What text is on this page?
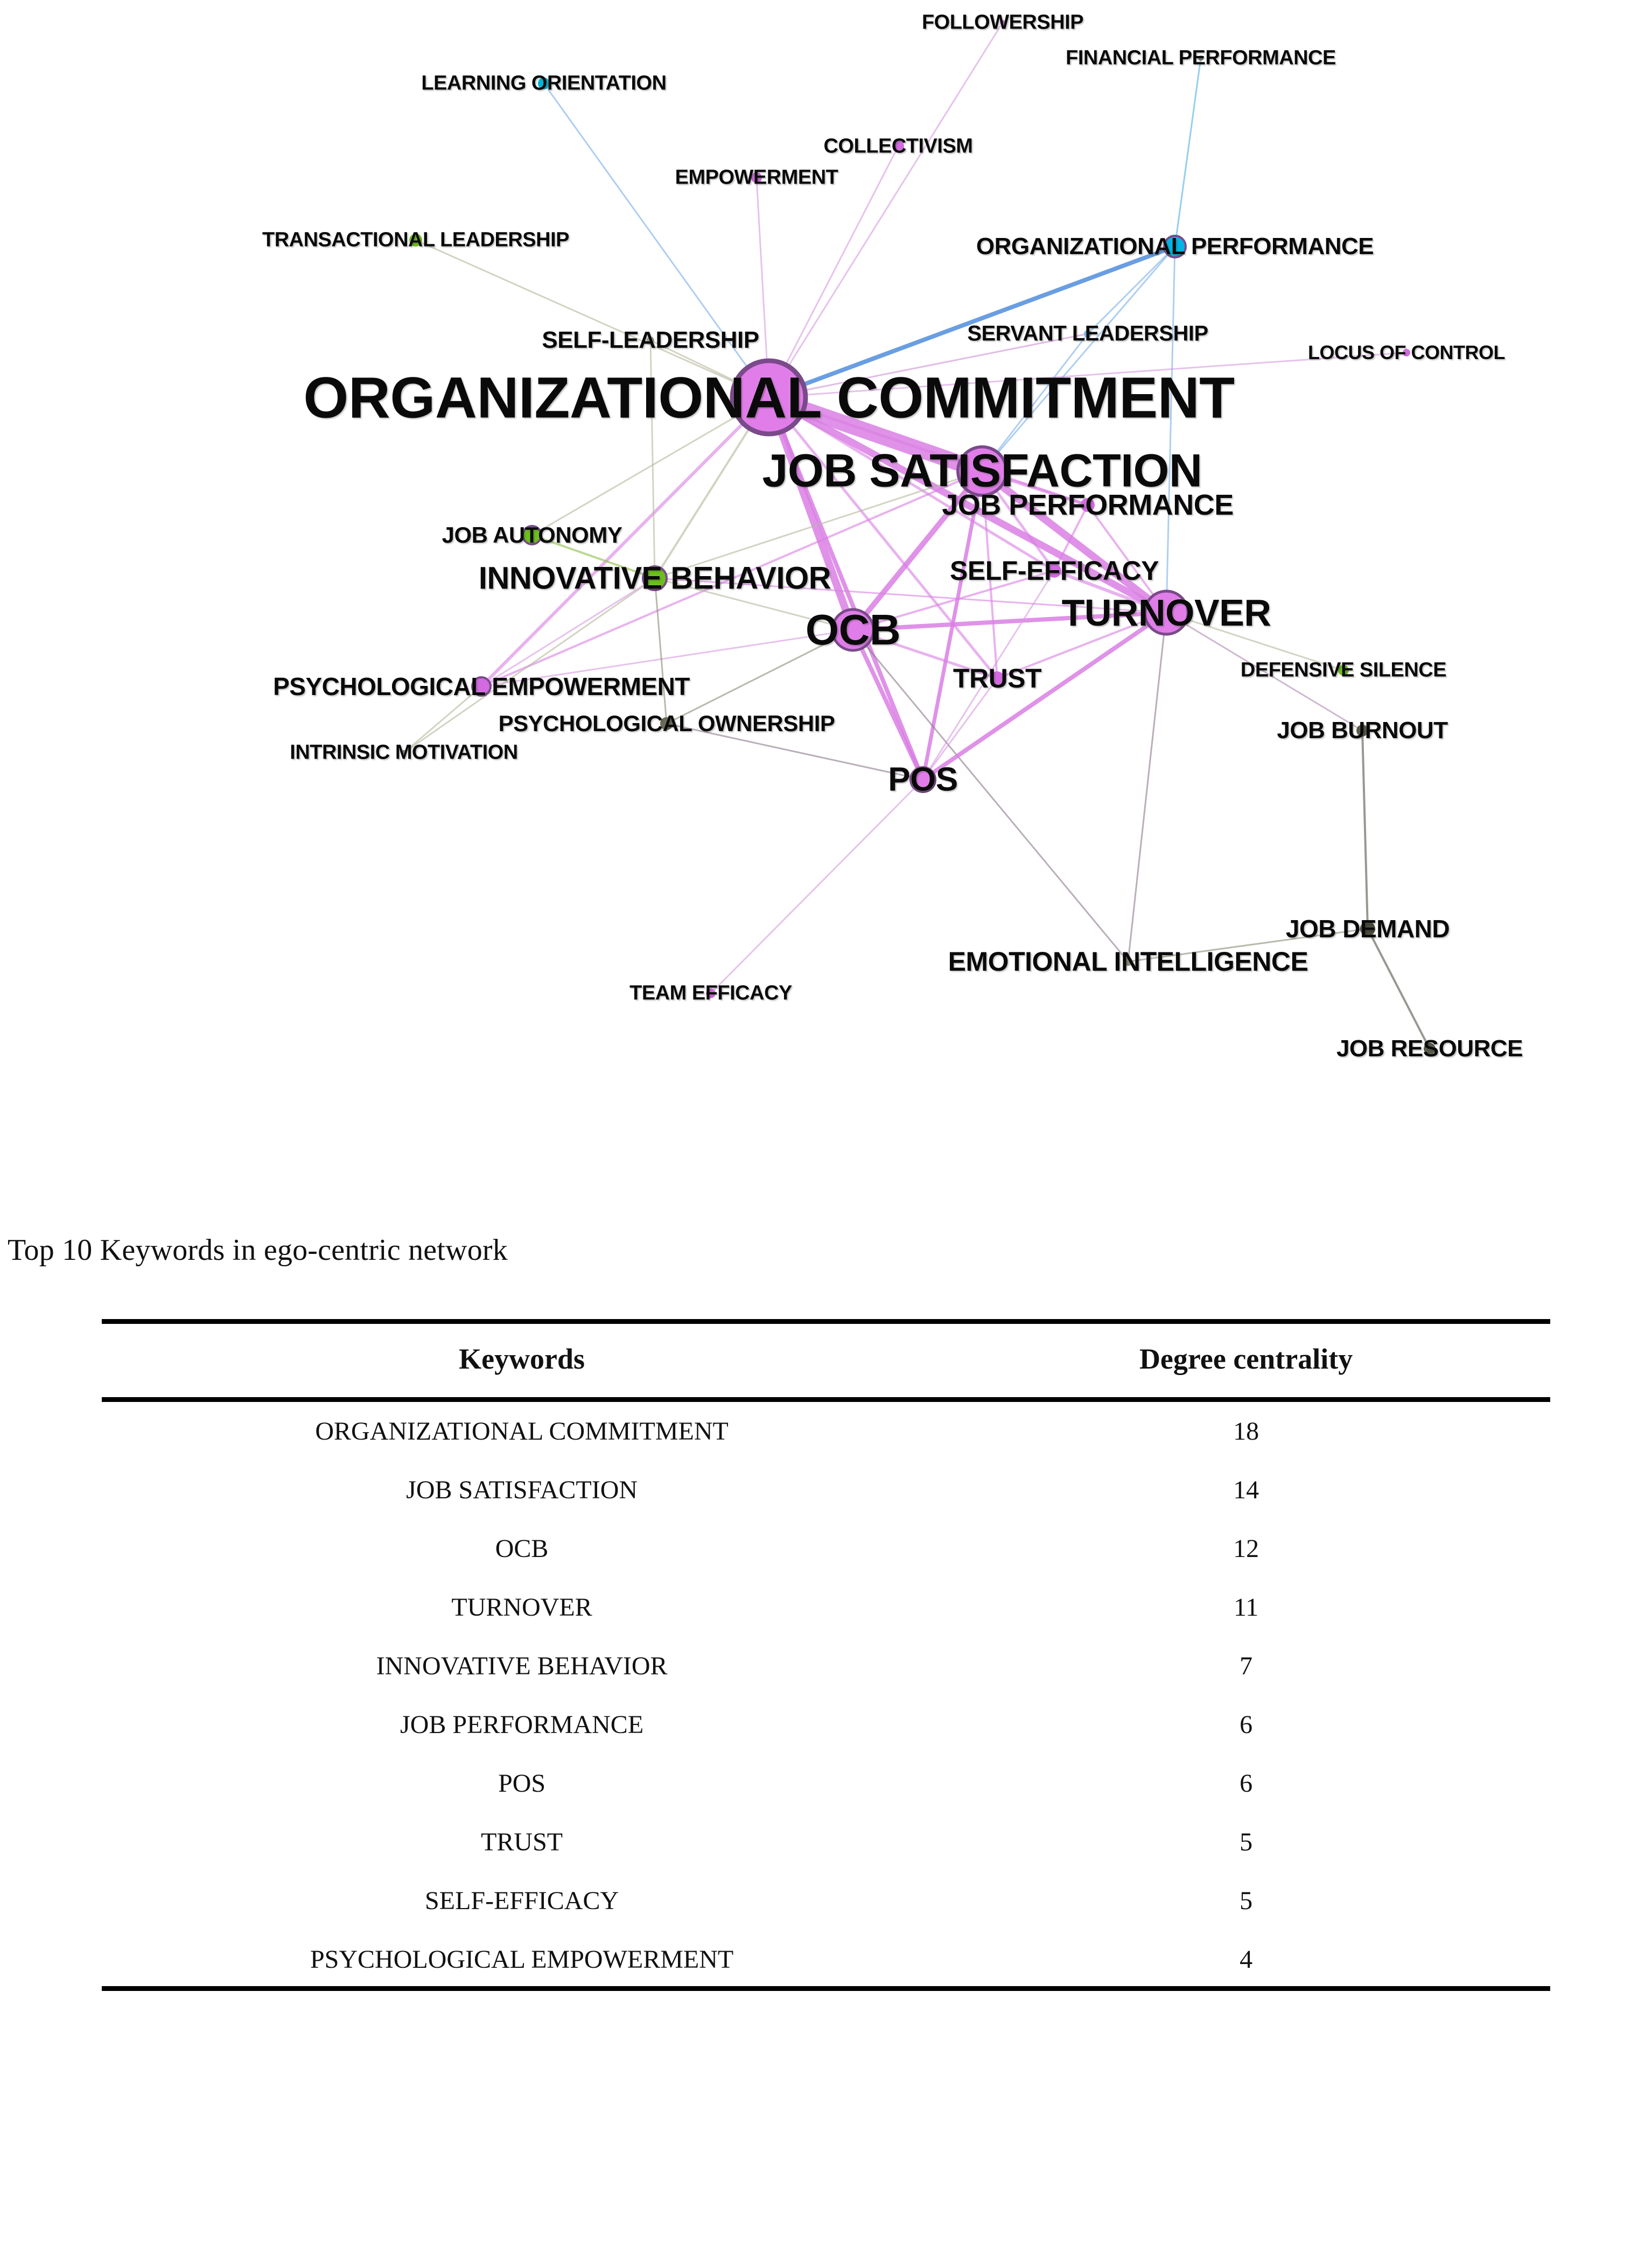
FOLLOWERSHIP
FINANCIAL PERFORMANCE
LEARNING ORIENTATION
COLLECTIVISM
EMPOWERMENT
TRANSACTIONAL LEADERSHIP	ORGANIZATIONAL PERFORMANCE
SELF-LEADERSHIP	SERVANT LEADERSHIP
LOCUS OF CONTROL
ORGANIZATIONAL COMMITMENT
JOB SATISFACTION
JOB PERFORMANCE
SELF-EFFICACY
JOB AUTONOMY
INNOVATIVE BEHAVIOR
OCB	TURNOVER
TRUST
PSYCHOLOGICAL EMPOWERMENT
PSYCHOLOGICAL OWNERSHIP
INTRINSIC MOTIVATION
POS
DEFENSIVE SILENCE
JOB BURNOUT
JOB DEMAND
EMOTIONAL INTELLIGENCE
JOB RESOURCE
TEAM EFFICACY
Top 10 Keywords in ego-centric network
Keywords	Degree centrality
ORGANIZATIONAL COMMITMENT	18
JOB SATISFACTION	14
OCB	12
TURNOVER	11
INNOVATIVE BEHAVIOR	7
JOB PERFORMANCE	6
POS	6
TRUST	5
SELF-EFFICACY	5
PSYCHOLOGICAL EMPOWERMENT	4
